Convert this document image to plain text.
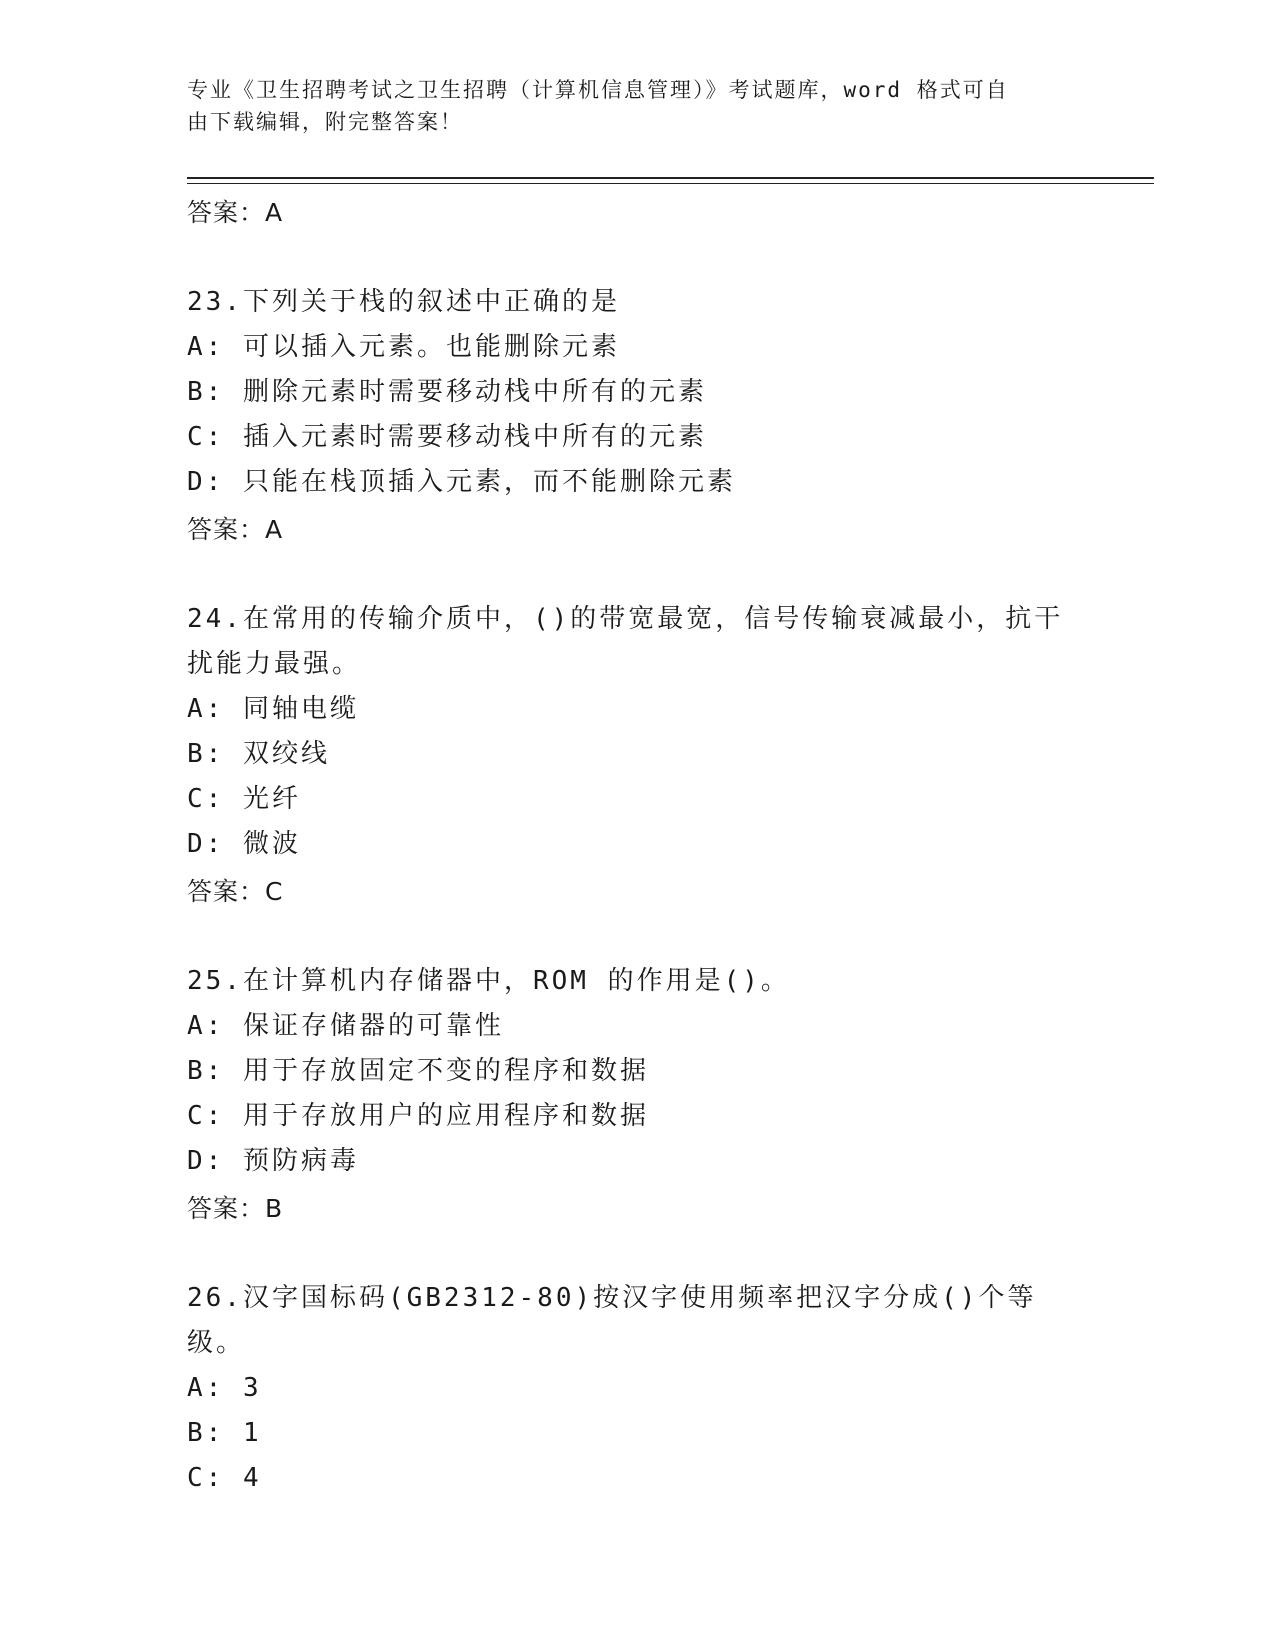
专业《卫生招聘考试之卫生招聘（计算机信息管理）》考试题库，word 格式可自
由下载编辑，附完整答案！
答案：A
23.下列关于栈的叙述中正确的是
A: 可以插入元素。也能删除元素
B: 删除元素时需要移动栈中所有的元素
C: 插入元素时需要移动栈中所有的元素
D: 只能在栈顶插入元素，而不能删除元素
答案：A
24.在常用的传输介质中，()的带宽最宽，信号传输衰减最小，抗干扰能力最强。
A: 同轴电缆
B: 双绞线
C: 光纤
D: 微波
答案：C
25.在计算机内存储器中，ROM 的作用是()。
A: 保证存储器的可靠性
B: 用于存放固定不变的程序和数据
C: 用于存放用户的应用程序和数据
D: 预防病毒
答案：B
26.汉字国标码(GB2312-80)按汉字使用频率把汉字分成()个等级。
A: 3
B: 1
C: 4
